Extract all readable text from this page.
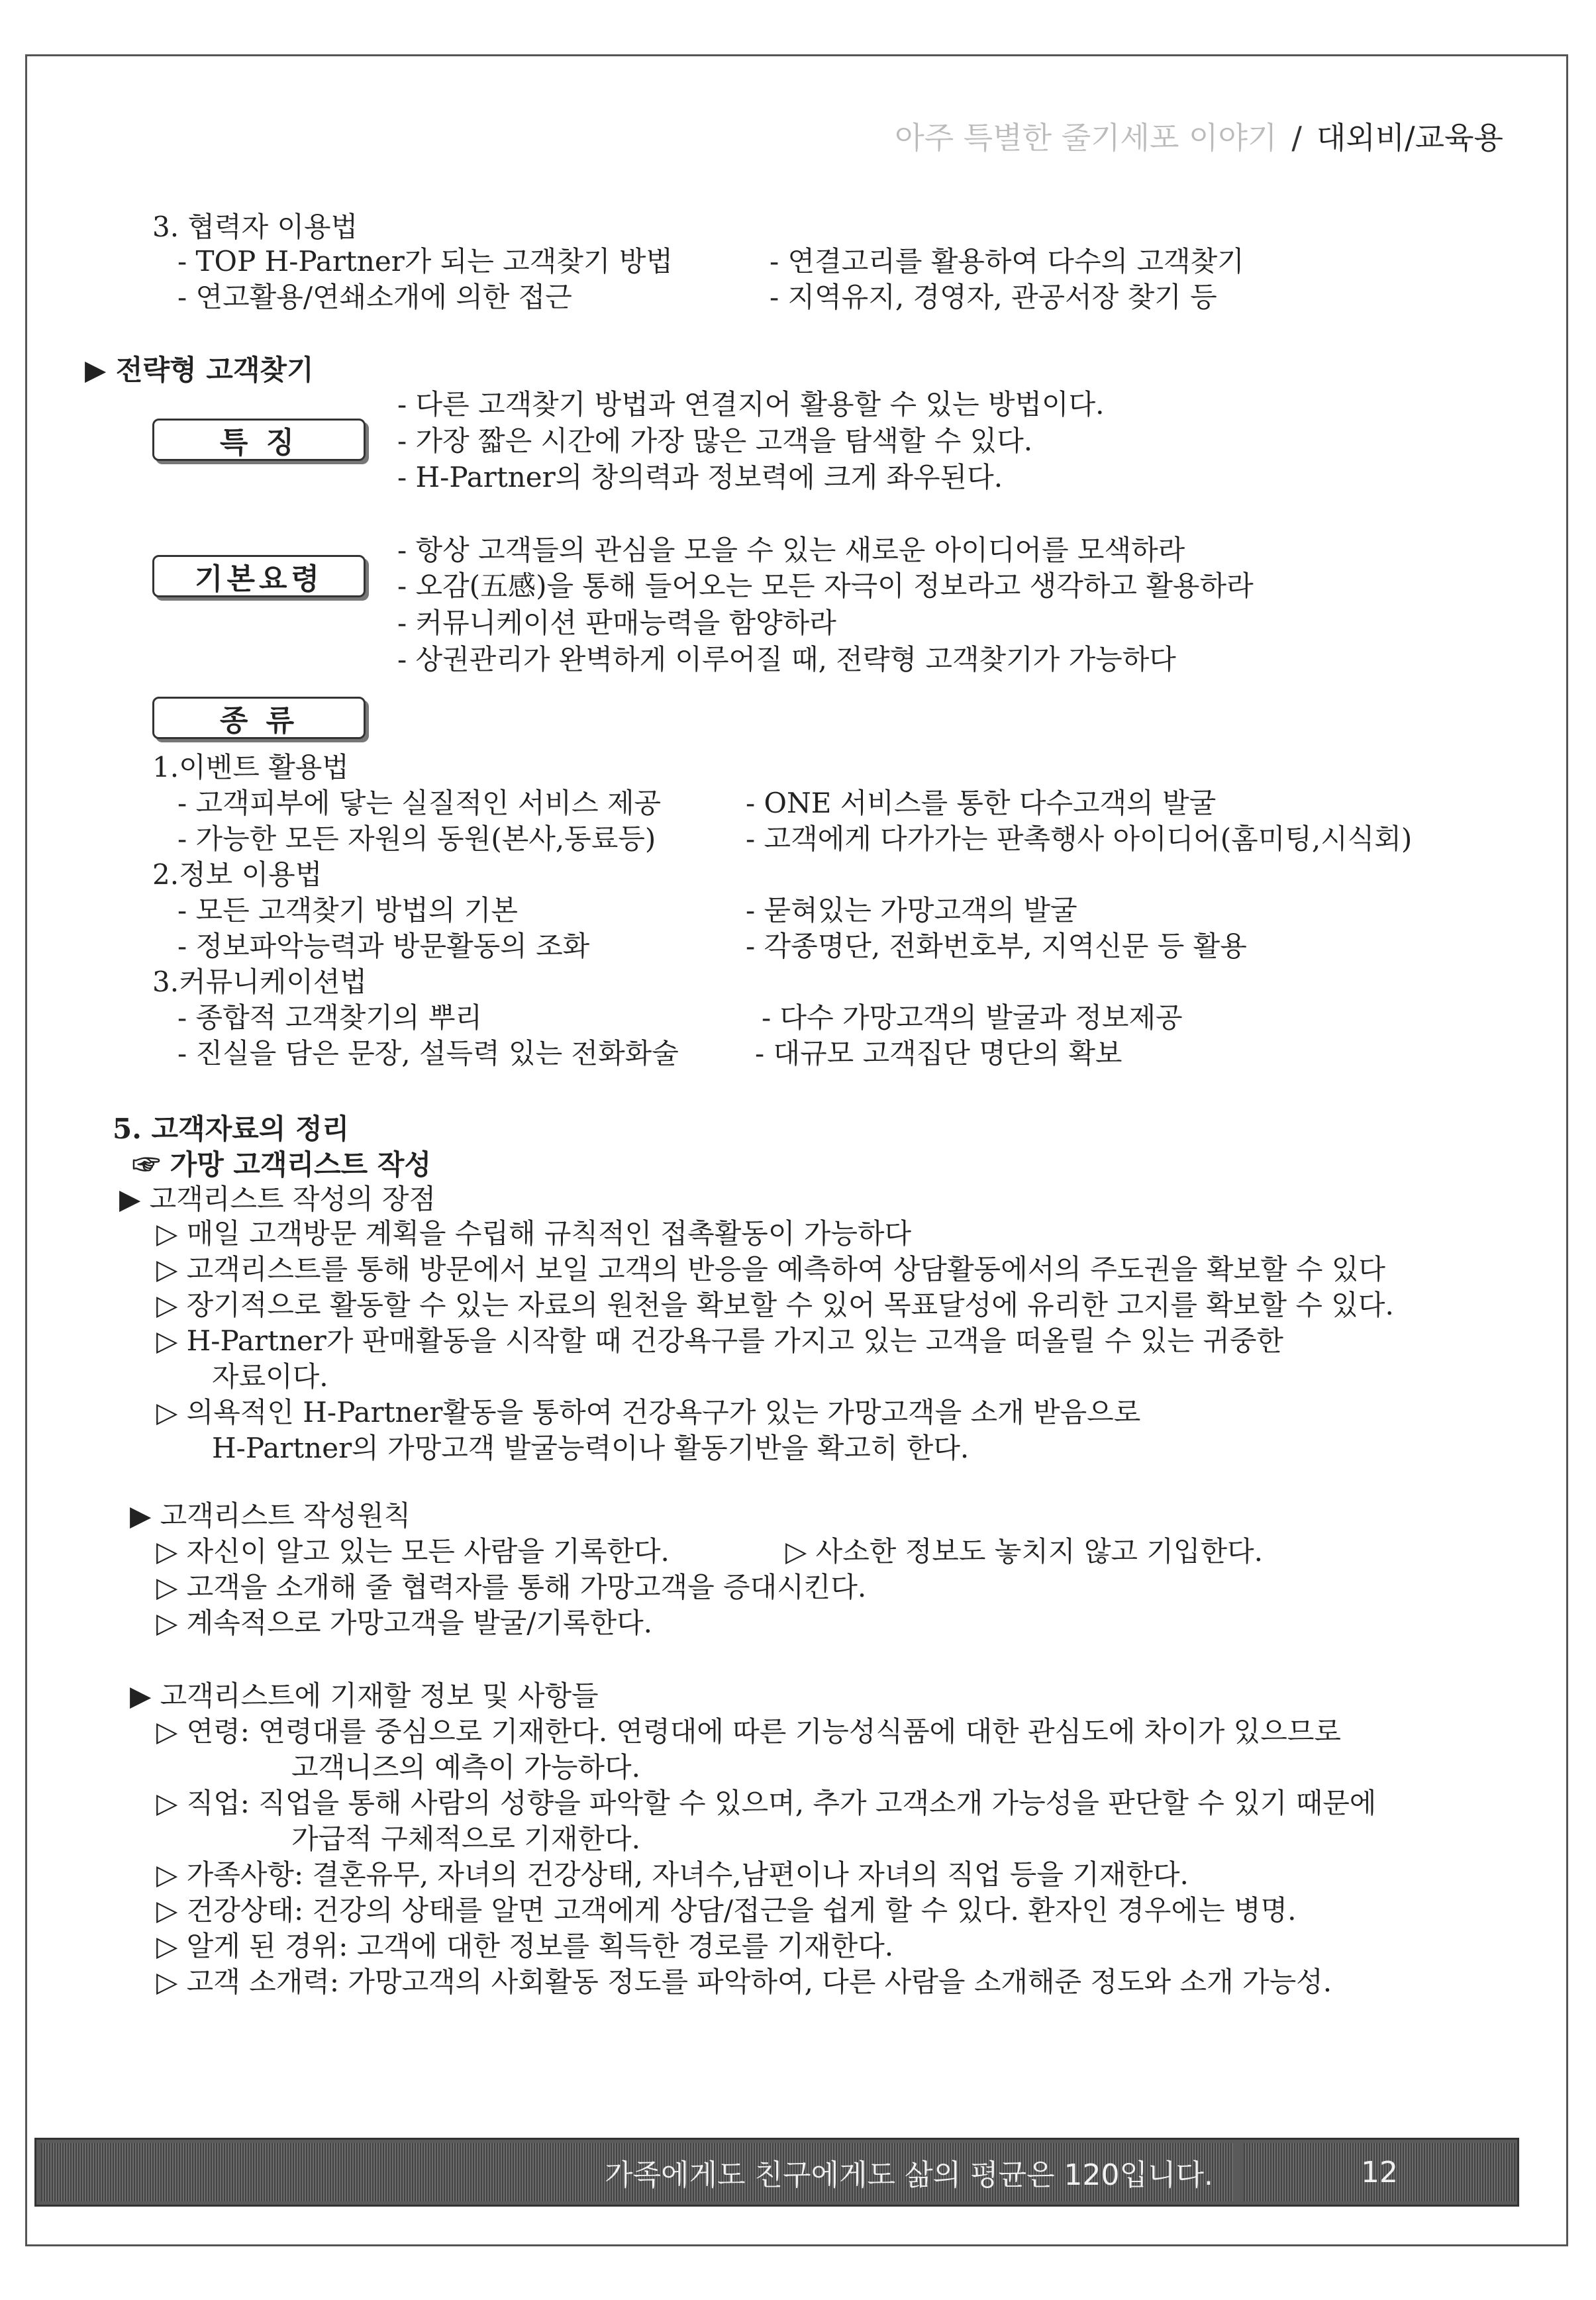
아주 특별한 줄기세포 이야기 / 대외비/교육용
3. 협력자 이용법
- TOP H-Partner가 되는 고객찾기 방법
- 연고활용/연쇄소개에 의한 접근
- 연결고리를 활용하여 다수의 고객찾기
- 지역유지, 경영자, 관공서장 찾기 등
▶ 전략형 고객찾기
특 징
- 다른 고객찾기 방법과 연결지어 활용할 수 있는 방법이다.
- 가장 짧은 시간에 가장 많은 고객을 탐색할 수 있다.
- H-Partner의 창의력과 정보력에 크게 좌우된다.
기본요령
- 항상 고객들의 관심을 모을 수 있는 새로운 아이디어를 모색하라
- 오감(五感)을 통해 들어오는 모든 자극이 정보라고 생각하고 활용하라
- 커뮤니케이션 판매능력을 함양하라
- 상권관리가 완벽하게 이루어질 때, 전략형 고객찾기가 가능하다
종 류
1.이벤트 활용법
- 고객피부에 닿는 실질적인 서비스 제공
- 가능한 모든 자원의 동원(본사,동료등)
- ONE 서비스를 통한 다수고객의 발굴
- 고객에게 다가가는 판촉행사 아이디어(홈미팅,시식회)
2.정보 이용법
- 모든 고객찾기 방법의 기본
- 정보파악능력과 방문활동의 조화
- 묻혀있는 가망고객의 발굴
- 각종명단, 전화번호부, 지역신문 등 활용
3.커뮤니케이션법
- 종합적 고객찾기의 뿌리
- 진실을 담은 문장, 설득력 있는 전화화술
- 다수 가망고객의 발굴과 정보제공
- 대규모 고객집단 명단의 확보
5. 고객자료의 정리
☞ 가망 고객리스트 작성
▶ 고객리스트 작성의 장점
▷ 매일 고객방문 계획을 수립해 규칙적인 접촉활동이 가능하다
▷ 고객리스트를 통해 방문에서 보일 고객의 반응을 예측하여 상담활동에서의 주도권을 확보할 수 있다
▷ 장기적으로 활동할 수 있는 자료의 원천을 확보할 수 있어 목표달성에 유리한 고지를 확보할 수 있다.
▷ H-Partner가 판매활동을 시작할 때 건강욕구를 가지고 있는 고객을 떠올릴 수 있는 귀중한
자료이다.
▷ 의욕적인 H-Partner활동을 통하여 건강욕구가 있는 가망고객을 소개 받음으로
H-Partner의 가망고객 발굴능력이나 활동기반을 확고히 한다.
▶ 고객리스트 작성원칙
▷ 자신이 알고 있는 모든 사람을 기록한다.	▷ 사소한 정보도 놓치지 않고 기입한다.
▷ 고객을 소개해 줄 협력자를 통해 가망고객을 증대시킨다.
▷ 계속적으로 가망고객을 발굴/기록한다.
▶ 고객리스트에 기재할 정보 및 사항들
▷ 연령: 연령대를 중심으로 기재한다. 연령대에 따른 기능성식품에 대한 관심도에 차이가 있으므로
고객니즈의 예측이 가능하다.
▷ 직업: 직업을 통해 사람의 성향을 파악할 수 있으며, 추가 고객소개 가능성을 판단할 수 있기 때문에
가급적 구체적으로 기재한다.
▷ 가족사항: 결혼유무, 자녀의 건강상태, 자녀수,남편이나 자녀의 직업 등을 기재한다.
▷ 건강상태: 건강의 상태를 알면 고객에게 상담/접근을 쉽게 할 수 있다. 환자인 경우에는 병명.
▷ 알게 된 경위: 고객에 대한 정보를 획득한 경로를 기재한다.
▷ 고객 소개력: 가망고객의 사회활동 정도를 파악하여, 다른 사람을 소개해준 정도와 소개 가능성.
가족에게도 친구에게도 삶의 평균은 120입니다.	12
